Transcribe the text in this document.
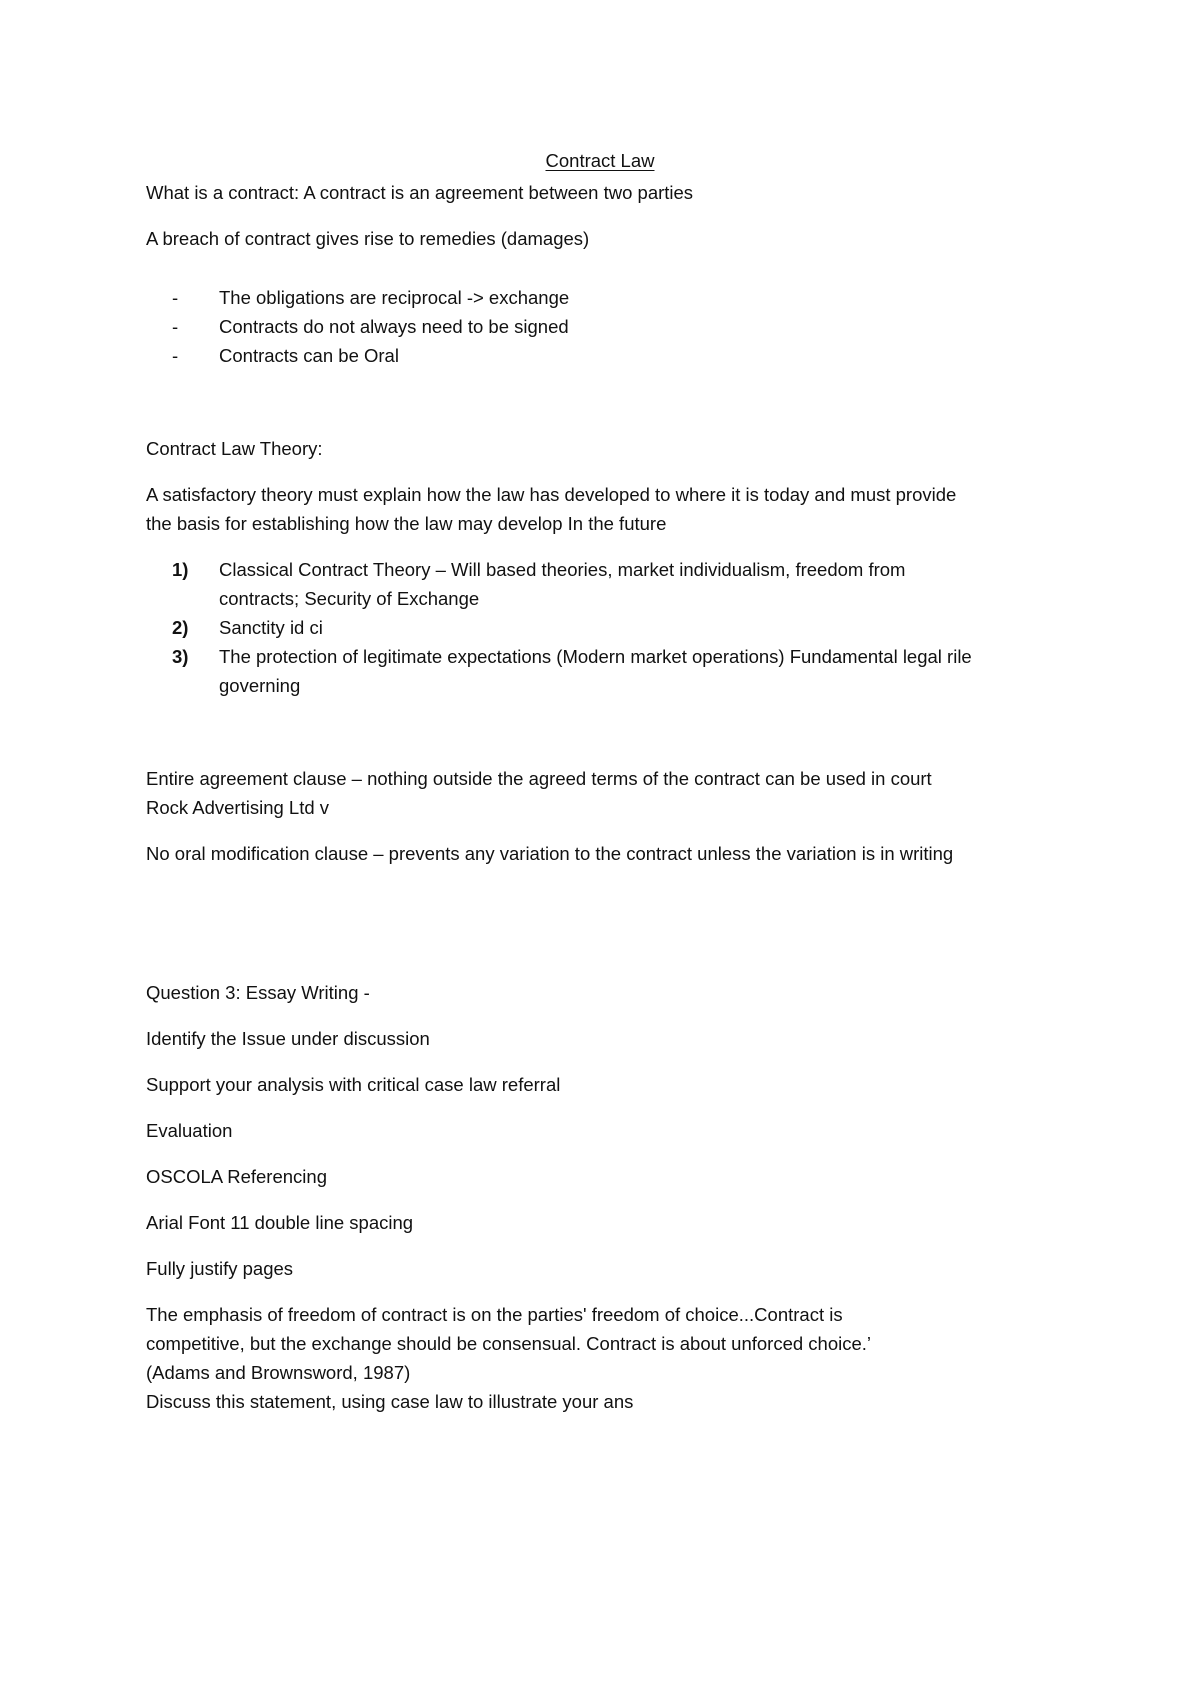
Contract Law
What is a contract: A contract is an agreement between two parties
A breach of contract gives rise to remedies (damages)
- The obligations are reciprocal -> exchange
- Contracts do not always need to be signed
- Contracts can be Oral
Contract Law Theory:
A satisfactory theory must explain how the law has developed to where it is today and must provide
the basis for establishing how the law may develop In the future
1) Classical Contract Theory – Will based theories, market individualism, freedom from
contracts; Security of Exchange
2) Sanctity id ci
3) The protection of legitimate expectations (Modern market operations) Fundamental legal rile
governing
Entire agreement clause – nothing outside the agreed terms of the contract can be used in court
Rock Advertising Ltd v
No oral modification clause – prevents any variation to the contract unless the variation is in writing
Question 3: Essay Writing -
Identify the Issue under discussion
Support your analysis with critical case law referral
Evaluation
OSCOLA Referencing
Arial Font 11 double line spacing
Fully justify pages
The emphasis of freedom of contract is on the parties' freedom of choice...Contract is
competitive, but the exchange should be consensual. Contract is about unforced choice.’
(Adams and Brownsword, 1987)
Discuss this statement, using case law to illustrate your ans
